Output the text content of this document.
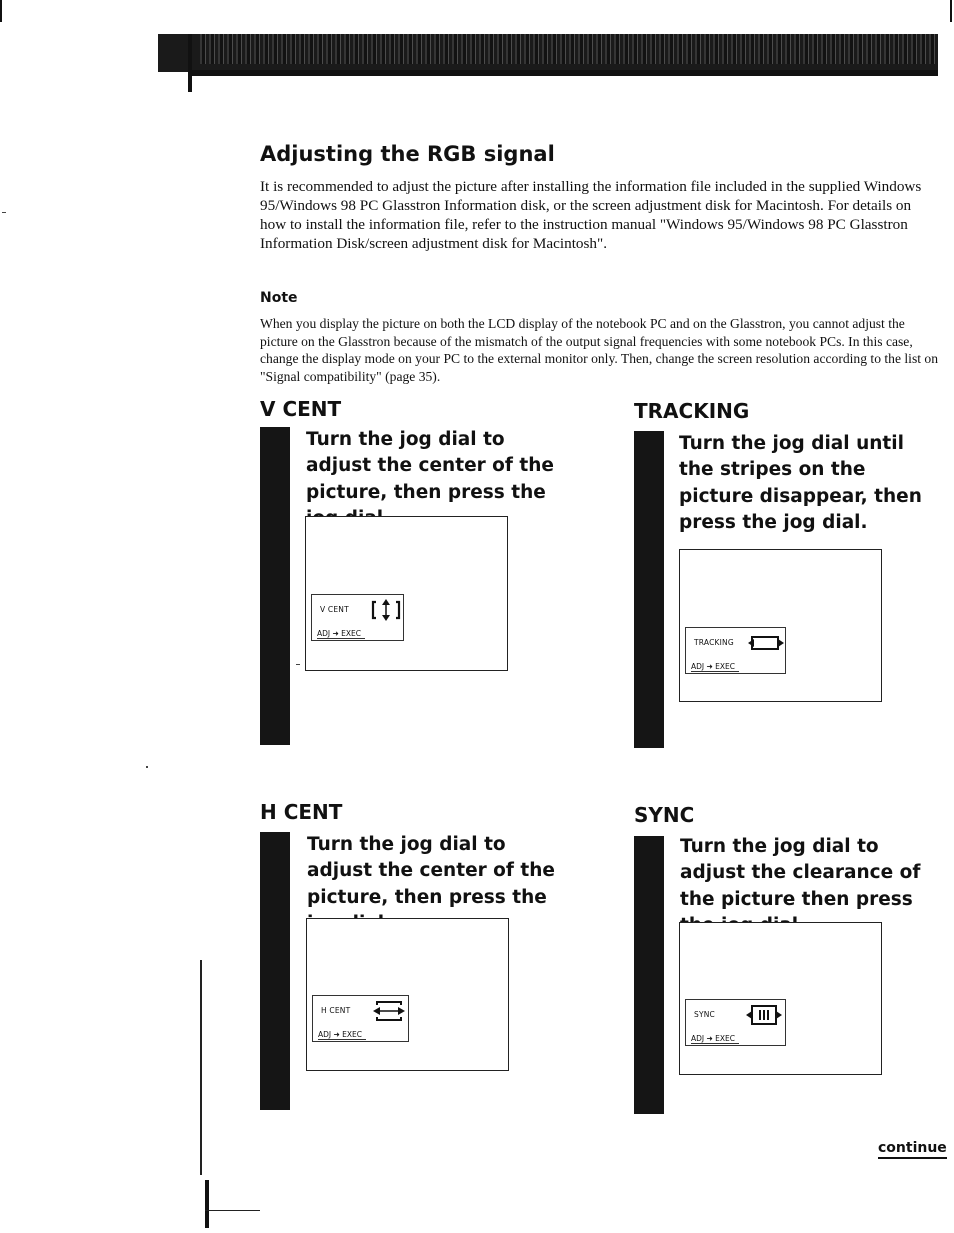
Adjusting the RGB signal

It is recommended to adjust the picture after installing the information file included in the supplied Windows 95/Windows 98 PC Glasstron Information disk, or the screen adjustment disk for Macintosh. For details on how to install the information file, refer to the instruction manual "Windows 95/Windows 98 PC Glasstron Information Disk/screen adjustment disk for Macintosh".

Note

When you display the picture on both the LCD display of the notebook PC and on the Glasstron, you cannot adjust the picture on the Glasstron because of the mismatch of the output signal frequencies with some notebook PCs. In this case, change the display mode on your PC to the external monitor only. Then, change the screen resolution according to the list on "Signal compatibility" (page 35).

V CENT

Turn the jog dial to adjust the center of the picture, then press the

V CENT
ADJ ➜ EXEC
TRACKING

Turn the jog dial until the stripes on the picture disappear, then press the jog dial.

TRACKING
ADJ ➜ EXEC
H CENT

Turn the jog dial to adjust the center of the picture, then press the

H CENT
ADJ ➜ EXEC
SYNC

Turn the jog dial to adjust the clearance of the picture then press

SYNC
ADJ ➜ EXEC
continue
